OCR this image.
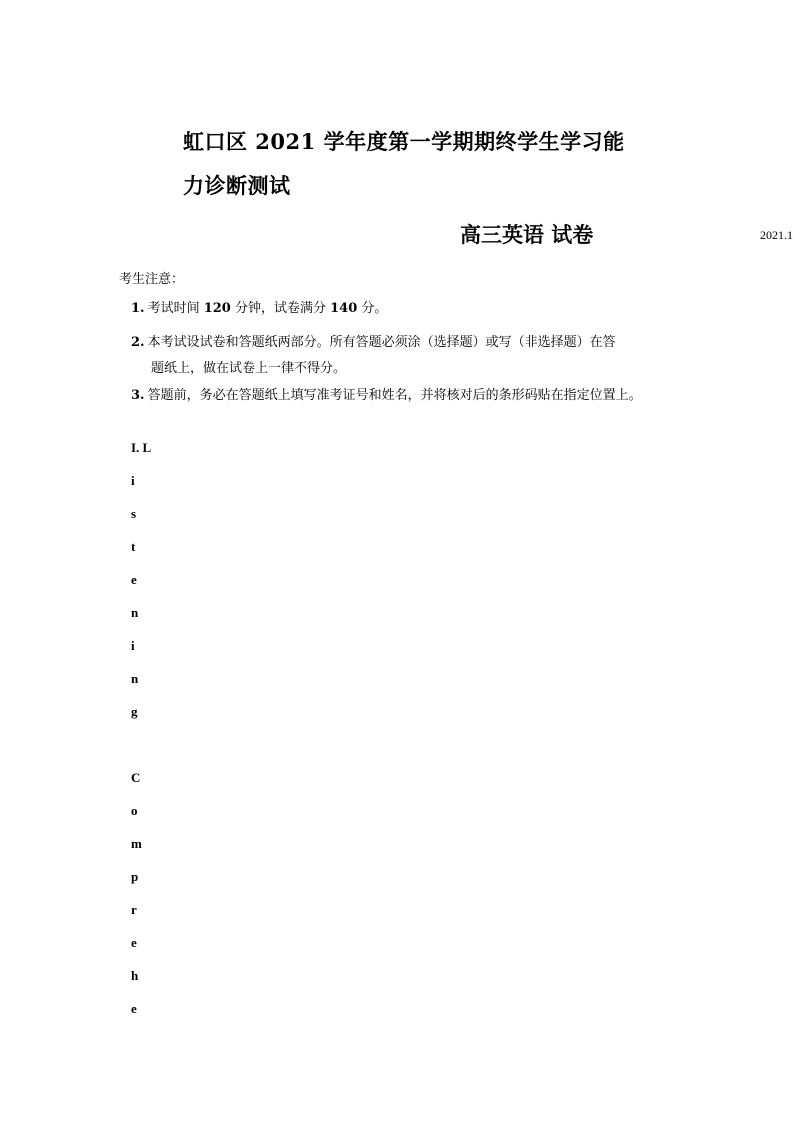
虹口区 2021 学年度第一学期期终学生学习能
力诊断测试
高三英语 试卷	2021.1
考生注意：
1. 考试时间 120 分钟，试卷满分 140 分。
2. 本考试设试卷和答题纸两部分。所有答题必须涂（选择题）或写（非选择题）在答
题纸上，做在试卷上一律不得分。
3. 答题前，务必在答题纸上填写准考证号和姓名，并将核对后的条形码贴在指定位置上。
I. L
i
s
t
e
n
i
n
g
C
o
m
p
r
e
h
e
